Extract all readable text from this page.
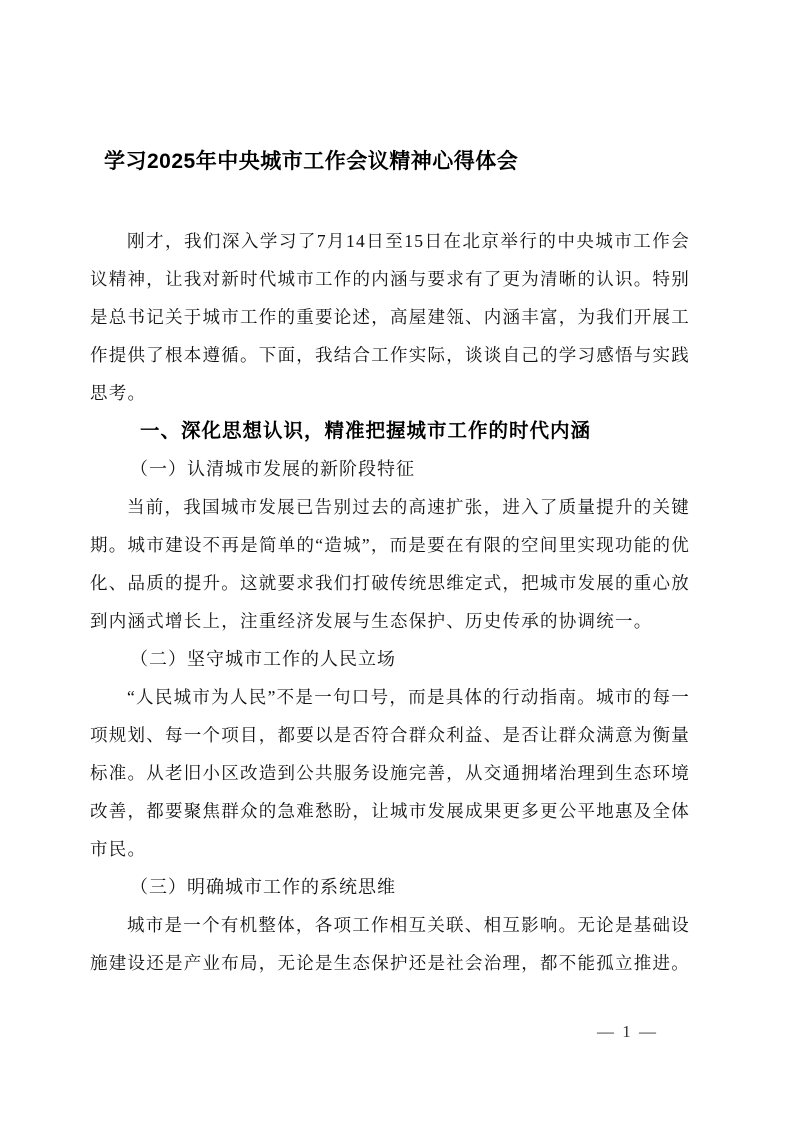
学习2025年中央城市工作会议精神心得体会

刚才，我们深入学习了7月14日至15日在北京举行的中央城市工作会议精神，让我对新时代城市工作的内涵与要求有了更为清晰的认识。特别是总书记关于城市工作的重要论述，高屋建瓴、内涵丰富，为我们开展工作提供了根本遵循。下面，我结合工作实际，谈谈自己的学习感悟与实践思考。

一、深化思想认识，精准把握城市工作的时代内涵
（一）认清城市发展的新阶段特征

当前，我国城市发展已告别过去的高速扩张，进入了质量提升的关键期。城市建设不再是简单的“造城”，而是要在有限的空间里实现功能的优化、品质的提升。这就要求我们打破传统思维定式，把城市发展的重心放到内涵式增长上，注重经济发展与生态保护、历史传承的协调统一。

（二）坚守城市工作的人民立场

“人民城市为人民”不是一句口号，而是具体的行动指南。城市的每一项规划、每一个项目，都要以是否符合群众利益、是否让群众满意为衡量标准。从老旧小区改造到公共服务设施完善，从交通拥堵治理到生态环境改善，都要聚焦群众的急难愁盼，让城市发展成果更多更公平地惠及全体市民。

（三）明确城市工作的系统思维

城市是一个有机整体，各项工作相互关联、相互影响。无论是基础设施建设还是产业布局，无论是生态保护还是社会治理，都不能孤立推进。

— 1 —
